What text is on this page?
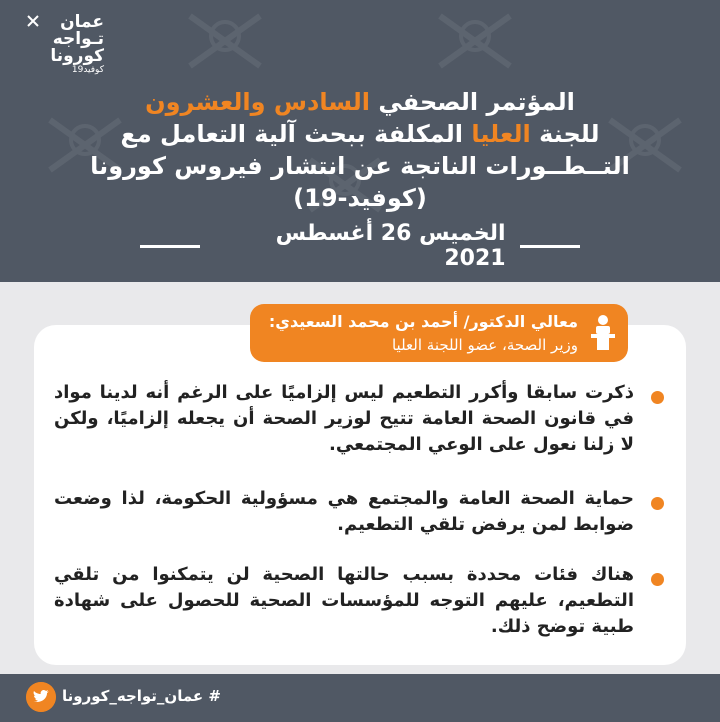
عمان
تـواجه
كورونا
كوفيد19
المؤتمر الصحفي السادس والعشرون
للجنة العليا المكلفة ببحث آلية التعامل مع التــطــورات الناتجة عن انتشار فيروس كورونا (كوفيد-19)
الخميس 26 أغسطس 2021
معالي الدكتور/ أحمد بن محمد السعيدي:
وزير الصحة، عضو اللجنة العليا
ذكرت سابقا وأكرر التطعيم ليس إلزاميًا على الرغم أنه لدينا مواد في قانون الصحة العامة تتيح لوزير الصحة أن يجعله إلزاميًا، ولكن لا زلنا نعول على الوعي المجتمعي.
حماية الصحة العامة والمجتمع هي مسؤولية الحكومة، لذا وضعت ضوابط لمن يرفض تلقي التطعيم.
هناك فئات محددة بسبب حالتها الصحية لن يتمكنوا من تلقي التطعيم، عليهم التوجه للمؤسسات الصحية للحصول على شهادة طبية توضح ذلك.
# عمان_تواجه_كورونا
